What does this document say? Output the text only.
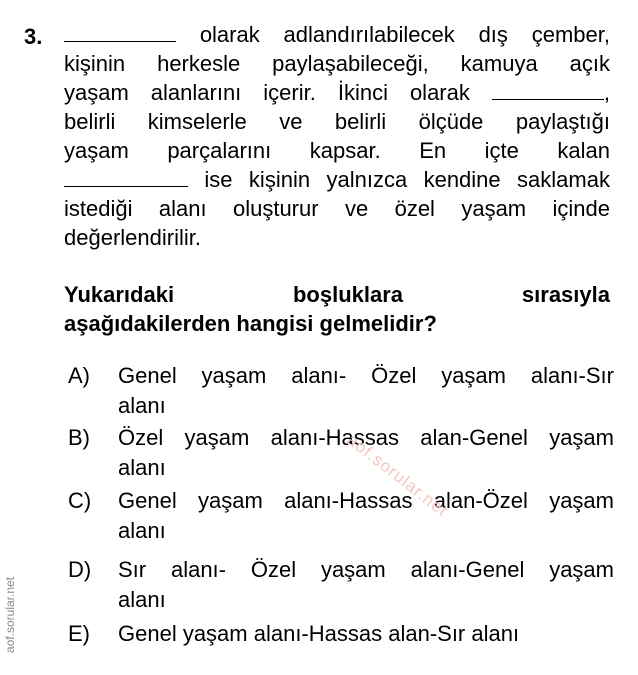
3.	olarak adlandırılabilecek dış çember,
kişinin herkesle paylaşabileceği, kamuya açık
yaşam alanlarını içerir. İkinci olarak	,
belirli kimselerle ve belirli ölçüde paylaştığı
yaşam parçalarını kapsar. En içte kalan
ise kişinin yalnızca kendine saklamak
istediği alanı oluşturur ve özel yaşam içinde
değerlendirilir.
Yukarıdaki boşluklara sırasıyla
aşağıdakilerden hangisi gelmelidir?
A)	Genel yaşam alanı- Özel yaşam alanı-Sır
alanı
B)	Özel yaşam alanı-Hassas alan-Genel yaşam
alanı
C)	Genel yaşam alanı-Hassas alan-Özel yaşam
alanı
D)	Sır alanı- Özel yaşam alanı-Genel yaşam
alanı
E)	Genel yaşam alanı-Hassas alan-Sır alanı
aof.sorular.net
aof.sorular.net
